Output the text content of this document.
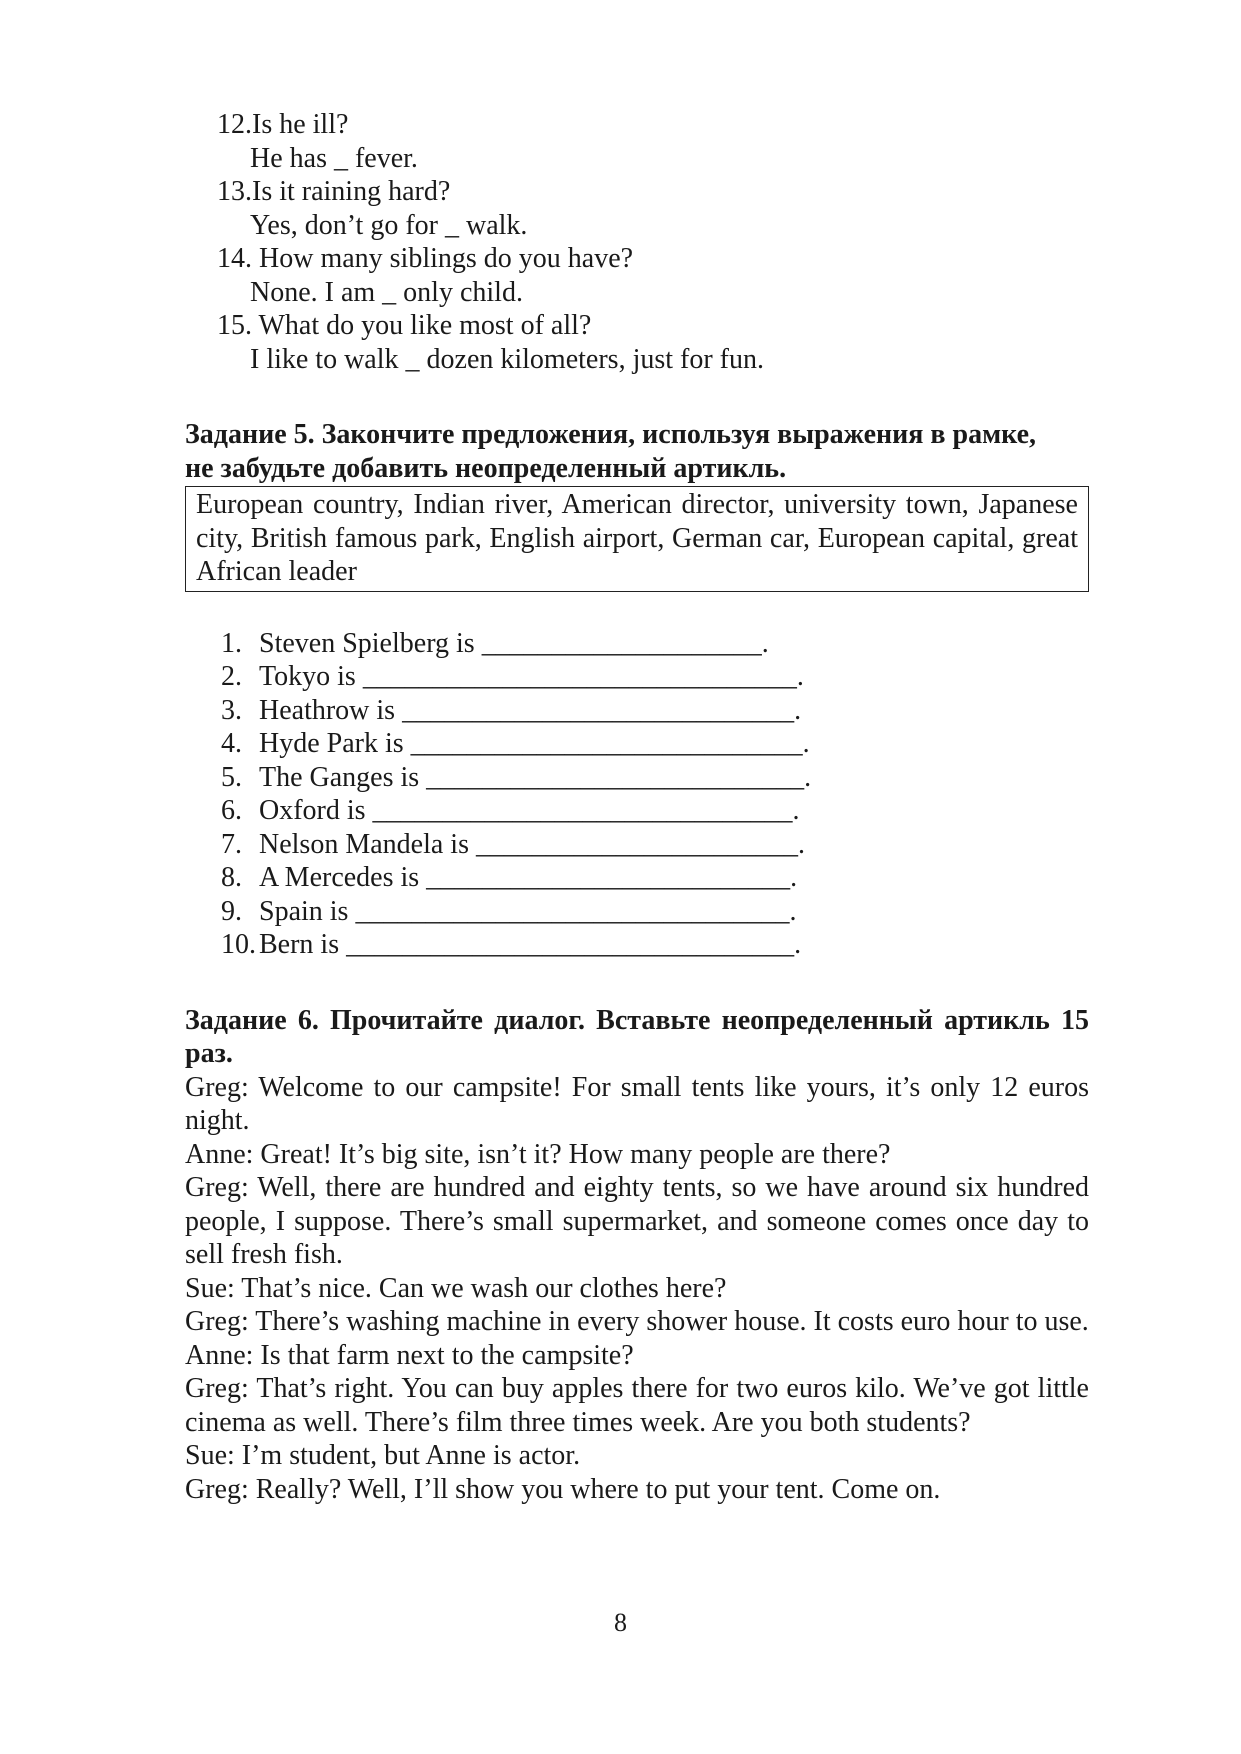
12.Is he ill?
He has _ fever.
13.Is it raining hard?
Yes, don’t go for _ walk.
14. How many siblings do you have?
None. I am _ only child.
15. What do you like most of all?
I like to walk _ dozen kilometers, just for fun.
Задание 5. Закончите предложения, используя выражения в рамке,
не забудьте добавить неопределенный артикль.
European country, Indian river, American director, university town, Japanese city, British famous park, English airport, German car, European capital, great African leader
1. Steven Spielberg is ____________________.
2. Tokyo is _______________________________.
3. Heathrow is ____________________________.
4. Hyde Park is ____________________________.
5. The Ganges is ___________________________.
6. Oxford is ______________________________.
7. Nelson Mandela is _______________________.
8. A Mercedes is __________________________.
9. Spain is _______________________________.
10. Bern is ________________________________.
Задание 6. Прочитайте диалог. Вставьте неопределенный артикль 15 раз.

Greg: Welcome to our campsite! For small tents like yours, it’s only 12 euros night.

Anne: Great! It’s big site, isn’t it? How many people are there?

Greg: Well, there are hundred and eighty tents, so we have around six hundred people, I suppose. There’s small supermarket, and someone comes once day to sell fresh fish.

Sue: That’s nice. Can we wash our clothes here?

Greg: There’s washing machine in every shower house. It costs euro hour to use.

Anne: Is that farm next to the campsite?

Greg: That’s right. You can buy apples there for two euros kilo. We’ve got little cinema as well. There’s film three times week. Are you both students?

Sue: I’m student, but Anne is actor.

Greg: Really? Well, I’ll show you where to put your tent. Come on.

8
